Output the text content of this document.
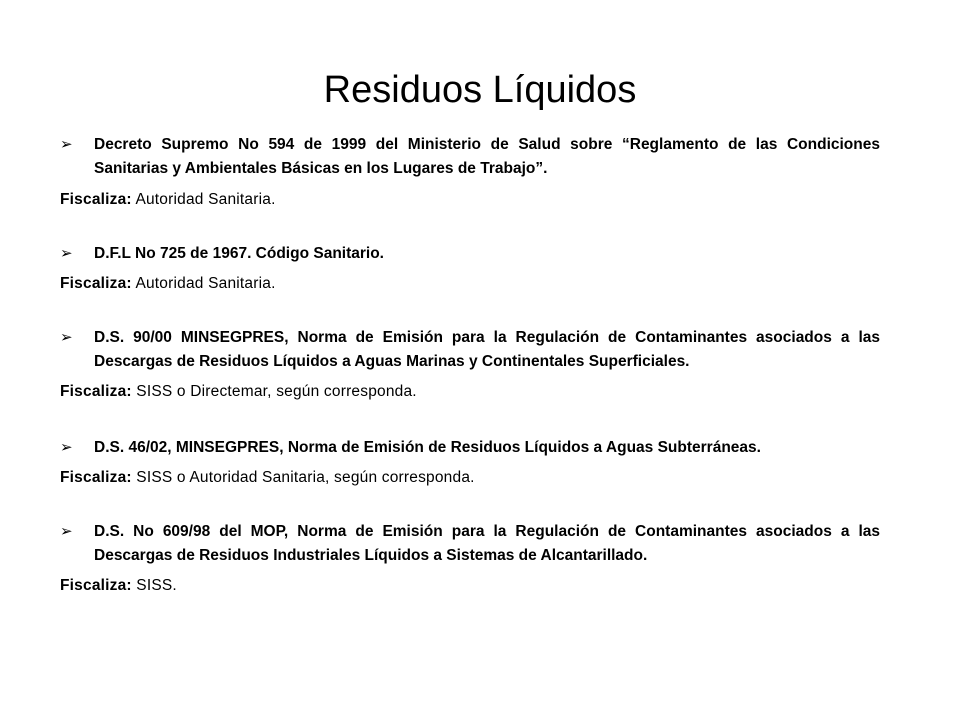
Residuos Líquidos
➢	Decreto Supremo No 594 de 1999 del Ministerio de Salud sobre “Reglamento de las Condiciones Sanitarias y Ambientales Básicas en los Lugares de Trabajo”.

Fiscaliza: Autoridad Sanitaria.

➢	D.F.L No 725 de 1967. Código Sanitario.

Fiscaliza: Autoridad Sanitaria.

➢	D.S. 90/00 MINSEGPRES, Norma de Emisión para la Regulación de Contaminantes asociados a las Descargas de Residuos Líquidos a Aguas Marinas y Continentales Superficiales.

Fiscaliza: SISS o Directemar, según corresponda.

➢	D.S. 46/02, MINSEGPRES, Norma de Emisión de Residuos Líquidos a Aguas Subterráneas.

Fiscaliza: SISS o Autoridad Sanitaria, según corresponda.

➢	D.S. No 609/98 del MOP, Norma de Emisión para la Regulación de Contaminantes asociados a las Descargas de Residuos Industriales Líquidos a Sistemas de Alcantarillado.

Fiscaliza: SISS.
